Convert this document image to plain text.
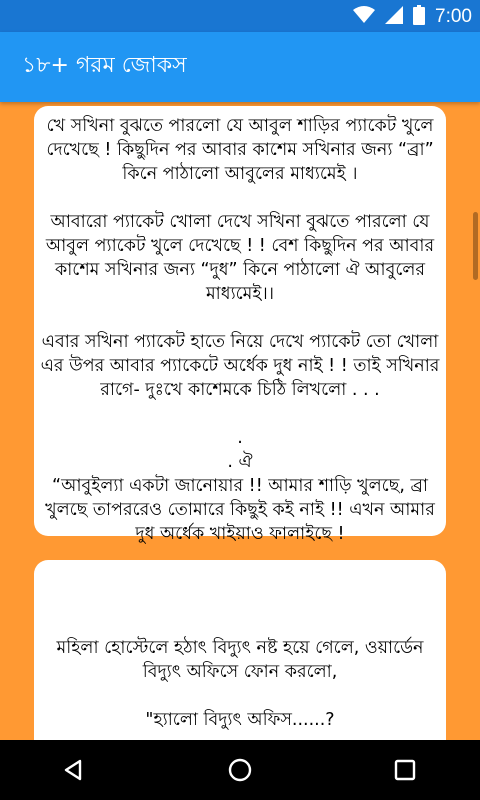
7:00
১৮+ গরম জোকস

খে সখিনা বুঝতে পারলো যে আবুল শাড়ির প্যাকেট খুলে দেখেছে ! কিছুদিন পর আবার কাশেম সখিনার জন্য “ব্রা” কিনে পাঠালো আবুলের মাধ্যমেই ।

আবারো প্যাকেট খোলা দেখে সখিনা বুঝতে পারলো যে আবুল প্যাকেট খুলে দেখেছে ! ! বেশ কিছুদিন পর আবার কাশেম সখিনার জন্য “দুধ” কিনে পাঠালো ঐ আবুলের মাধ্যমেই।।

এবার সখিনা প্যাকেট হাতে নিয়ে দেখে প্যাকেট তো খোলা এর উপর আবার প্যাকেটে অর্ধেক দুধ নাই ! ! তাই সখিনার রাগে- দুঃখে কাশেমকে চিঠি লিখলো . . .

.

. ঐ

“আবুইল্যা একটা জানোয়ার !! আমার শাড়ি খুলছে, ব্রা খুলছে তাপররেও তোমারে কিছুই কই নাই !! এখন আমার দুধ অর্ধেক খাইয়াও ফালাইছে !

মহিলা হোস্টেলে হঠাৎ বিদ্যুৎ নষ্ট হয়ে গেলে, ওয়ার্ডেন বিদ্যুৎ অফিসে ফোন করলো,

"হ্যালো বিদ্যুৎ অফিস......?
